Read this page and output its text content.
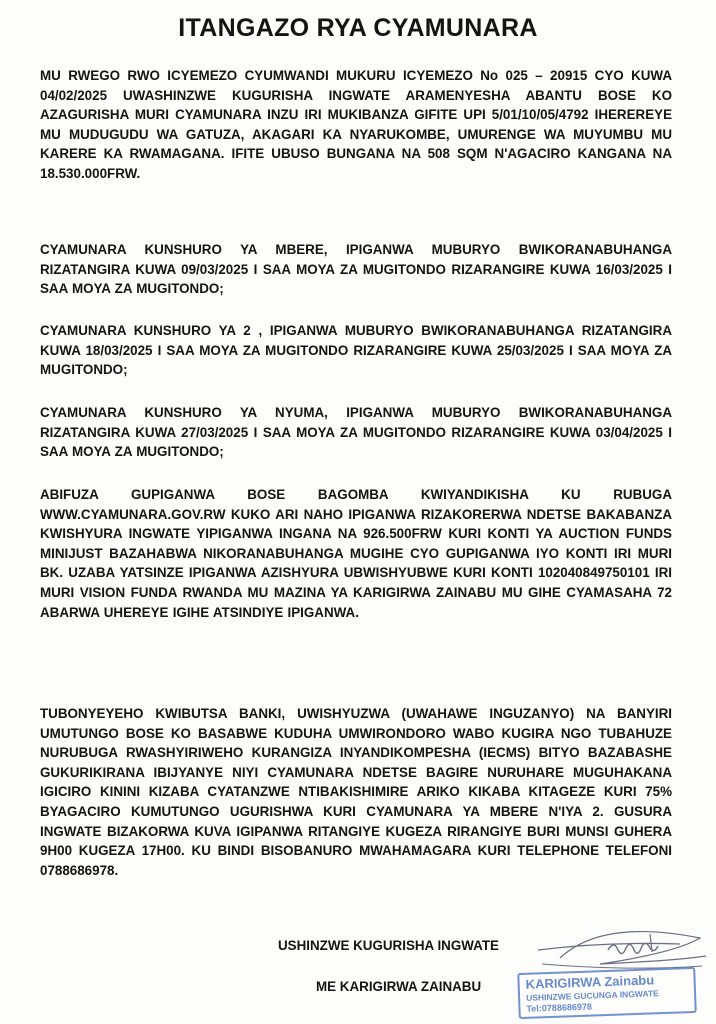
ITANGAZO RYA CYAMUNARA

MU RWEGO RWO ICYEMEZO CYUMWANDI MUKURU ICYEMEZO No 025 – 20915 CYO KUWA 04/02/2025 UWASHINZWE KUGURISHA INGWATE ARAMENYESHA ABANTU BOSE KO AZAGURISHA MURI CYAMUNARA INZU IRI MUKIBANZA GIFITE UPI 5/01/10/05/4792 IHEREREYE MU MUDUGUDU WA GATUZA, AKAGARI KA NYARUKOMBE, UMURENGE WA MUYUMBU MU KARERE KA RWAMAGANA. IFITE UBUSO BUNGANA NA 508 SQM N'AGACIRO KANGANA NA 18.530.000FRW.

CYAMUNARA KUNSHURO YA MBERE, IPIGANWA MUBURYO BWIKORANABUHANGA RIZATANGIRA KUWA 09/03/2025 I SAA MOYA ZA MUGITONDO RIZARANGIRE KUWA 16/03/2025 I SAA MOYA ZA MUGITONDO;

CYAMUNARA KUNSHURO YA 2 , IPIGANWA MUBURYO BWIKORANABUHANGA RIZATANGIRA KUWA 18/03/2025 I SAA MOYA ZA MUGITONDO RIZARANGIRE KUWA 25/03/2025 I SAA MOYA ZA MUGITONDO;

CYAMUNARA KUNSHURO YA NYUMA, IPIGANWA MUBURYO BWIKORANABUHANGA RIZATANGIRA KUWA 27/03/2025 I SAA MOYA ZA MUGITONDO RIZARANGIRE KUWA 03/04/2025 I SAA MOYA ZA MUGITONDO;

ABIFUZA GUPIGANWA BOSE BAGOMBA KWIYANDIKISHA KU RUBUGA WWW.CYAMUNARA.GOV.RW KUKO ARI NAHO IPIGANWA RIZAKORERWA NDETSE BAKABANZA KWISHYURA INGWATE YIPIGANWA INGANA NA 926.500FRW KURI KONTI YA AUCTION FUNDS MINIJUST BAZAHABWA NIKORANABUHANGA MUGIHE CYO GUPIGANWA IYO KONTI IRI MURI BK. UZABA YATSINZE IPIGANWA AZISHYURA UBWISHYUBWE KURI KONTI 102040849750101 IRI MURI VISION FUNDA RWANDA MU MAZINA YA KARIGIRWA ZAINABU MU GIHE CYAMASAHA 72 ABARWA UHEREYE IGIHE ATSINDIYE IPIGANWA.

TUBONYEYEHO KWIBUTSA BANKI, UWISHYUZWA (UWAHAWE INGUZANYO) NA BANYIRI UMUTUNGO BOSE KO BASABWE KUDUHA UMWIRONDORO WABO KUGIRA NGO TUBAHUZE NURUBUGA RWASHYIRIWEHO KURANGIZA INYANDIKOMPESHA (IECMS) BITYO BAZABASHE GUKURIKIRANA IBIJYANYE NIYI CYAMUNARA NDETSE BAGIRE NURUHARE MUGUHAKANA IGICIRO KININI KIZABA CYATANZWE NTIBAKISHIMIRE ARIKO KIKABA KITAGEZE KURI 75% BYAGACIRO KUMUTUNGO UGURISHWA KURI CYAMUNARA YA MBERE N'IYA 2. GUSURA INGWATE BIZAKORWA KUVA IGIPANWA RITANGIYE KUGEZA RIRANGIYE BURI MUNSI GUHERA 9H00 KUGEZA 17H00. KU BINDI BISOBANURO MWAHAMAGARA KURI TELEPHONE TELEFONI 0788686978.

USHINZWE KUGURISHA INGWATE
ME KARIGIRWA ZAINABU	KARIGIRWA Zainabu
USHINZWE GUCUNGA INGWATE
Tel:0788686978
